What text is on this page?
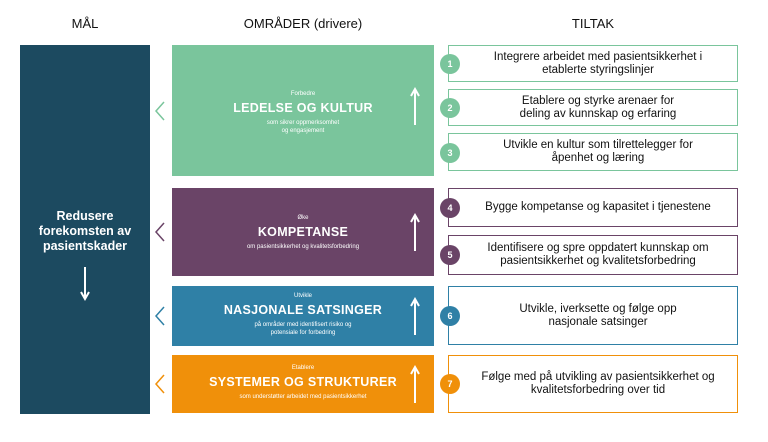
MÅL	OMRÅDER (drivere)	TILTAK
Redusere
forekomsten av
pasientskader
Forbedre
LEDELSE OG KULTUR
som sikrer oppmerksomhet
og engasjement
Øke
KOMPETANSE
om pasientsikkerhet og kvalitetsforbedring
Utvikle
NASJONALE SATSINGER
på områder med identifisert risiko og
potensiale for forbedring
Etablere
SYSTEMER OG STRUKTURER
som understøtter arbeidet med pasientsikkerhet
Integrere arbeidet med pasientsikkerhet i
etablerte styringslinjer
1
Etablere og styrke arenaer for
deling av kunnskap og erfaring
2
Utvikle en kultur som tilrettelegger for
åpenhet og læring
3
Bygge kompetanse og kapasitet i tjenestene
4
Identifisere og spre oppdatert kunnskap om
pasientsikkerhet og kvalitetsforbedring
5
Utvikle, iverksette og følge opp
nasjonale satsinger
6
Følge med på utvikling av pasientsikkerhet og
kvalitetsforbedring over tid
7
